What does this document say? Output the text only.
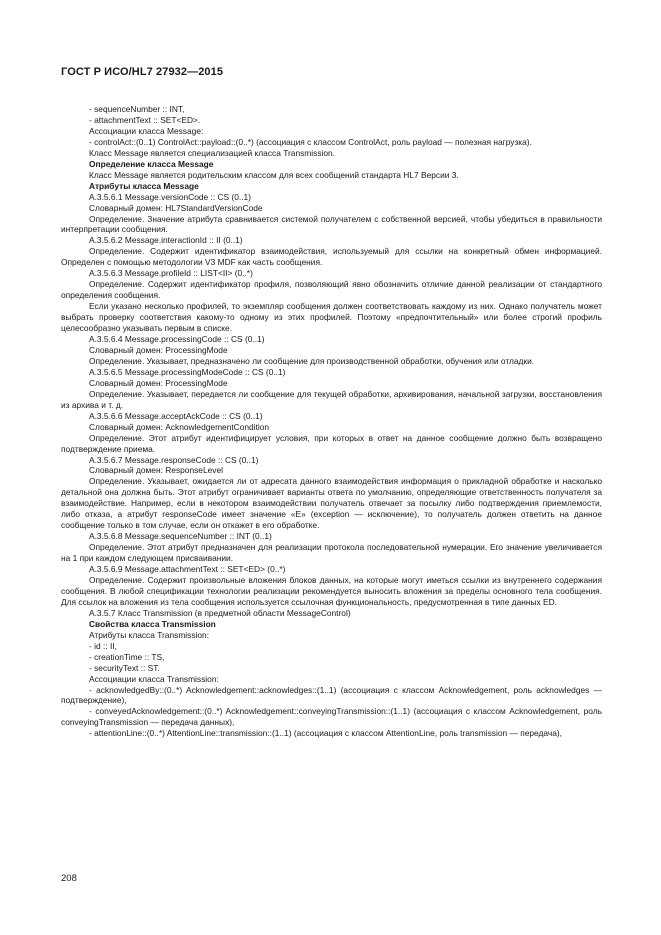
ГОСТ Р ИСО/HL7 27932—2015

- sequenceNumber :: INT,

- attachmentText :: SET<ED>.

Ассоциации класса Message:

- controlAct::(0..1) ControlAct::payload::(0..*) (ассоциация с классом ControlAct, роль payload — полезная нагрузка).

Класс Message является специализацией класса Transmission.

Определение класса Message

Класс Message является родительским классом для всех сообщений стандарта HL7 Версии 3.

Атрибуты класса Message

A.3.5.6.1 Message.versionCode :: CS (0..1)

Словарный домен: HL7StandardVersionCode

Определение. Значение атрибута сравнивается системой получателем с собственной версией, чтобы убедиться в правильности интерпретации сообщения.

A.3.5.6.2 Message.interactionId :: II (0..1)

Определение. Содержит идентификатор взаимодействия, используемый для ссылки на конкретный обмен информацией. Определен с помощью методологии V3 MDF как часть сообщения.

A.3.5.6.3 Message.profileId :: LIST<II> (0..*)

Определение. Содержит идентификатор профиля, позволяющий явно обозначить отличие данной реализации от стандартного определения сообщения.

Если указано несколько профилей, то экземпляр сообщения должен соответствовать каждому из них. Однако получатель может выбрать проверку соответствия какому-то одному из этих профилей. Поэтому «предпочтительный» или более строгий профиль целесообразно указывать первым в списке.

A.3.5.6.4 Message.processingCode :: CS (0..1)

Словарный домен: ProcessingMode

Определение. Указывает, предназначено ли сообщение для производственной обработки, обучения или отладки.

A.3.5.6.5 Message.processingModeCode :: CS (0..1)

Словарный домен: ProcessingMode

Определение. Указывает, передается ли сообщение для текущей обработки, архивирования, начальной загрузки, восстановления из архива и т. д.

A.3.5.6.6 Message.acceptAckCode :: CS (0..1)

Словарный домен: AcknowledgementCondition

Определение. Этот атрибут идентифицирует условия, при которых в ответ на данное сообщение должно быть возвращено подтверждение приема.

A.3.5.6.7 Message.responseCode :: CS (0..1)

Словарный домен: ResponseLevel

Определение. Указывает, ожидается ли от адресата данного взаимодействия информация о прикладной обработке и насколько детальной она должна быть. Этот атрибут ограничивает варианты ответа по умолчанию, определяющие ответственность получателя за взаимодействие. Например, если в некотором взаимодействии получатель отвечает за посылку либо подтверждения приемлемости, либо отказа, а атрибут responseCode имеет значение «E» (exception — исключение), то получатель должен ответить на данное сообщение только в том случае, если он откажет в его обработке.

A.3.5.6.8 Message.sequenceNumber :: INT (0..1)

Определение. Этот атрибут предназначен для реализации протокола последовательной нумерации. Его значение увеличивается на 1 при каждом следующем присваивании.

A.3.5.6.9 Message.attachmentText :: SET<ED> (0..*)

Определение. Содержит произвольные вложения блоков данных, на которые могут иметься ссылки из внутреннего содержания сообщения. В любой спецификации технологии реализации рекомендуется выносить вложения за пределы основного тела сообщения. Для ссылок на вложения из тела сообщения используется ссылочная функциональность, предусмотренная в типе данных ED.

A.3.5.7 Класс Transmission (в предметной области MessageControl)

Свойства класса Transmission

Атрибуты класса Transmission:

- id :: II,

- creationTime :: TS,

- securityText :: ST.

Ассоциации класса Transmission:

- acknowledgedBy::(0..*) Acknowledgement::acknowledges::(1..1) (ассоциация с классом Acknowledgement, роль acknowledges — подтверждение),

- conveyedAcknowledgement::(0..*) Acknowledgement::conveyingTransmission::(1..1) (ассоциация с классом Acknowledgement, роль conveyingTransmission — передача данных),

- attentionLine::(0..*) AttentionLine::transmission::(1..1) (ассоциация с классом AttentionLine, роль transmission — передача),

208
